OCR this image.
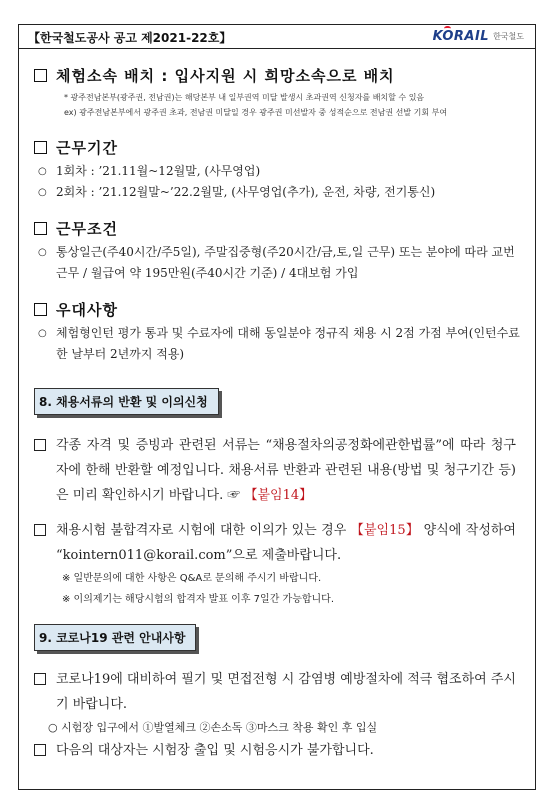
【한국철도공사 공고 제2021-22호】	KORAIL 한국철도
체험소속 배치 : 입사지원 시 희망소속으로 배치
* 광주전남본부(광주권, 전남권)는 해당본부 내 일부권역 미달 발생시 초과권역 신청자를 배치할 수 있음
ex) 광주전남본부에서 광주권 초과, 전남권 미달일 경우 광주권 미선발자 중 성적순으로 전남권 선발 기회 부여
근무기간
○ 1회차 : ’21.11월~12월말, (사무영업)
○ 2회차 : ’21.12월말~’22.2월말, (사무영업(추가), 운전, 차량, 전기통신)
근무조건
○ 통상일근(주40시간/주5일), 주말집중형(주20시간/금,토,일 근무) 또는 분야에 따라 교번근무 / 월급여 약 195만원(주40시간 기준) / 4대보험 가입
우대사항
○ 체험형인턴 평가 통과 및 수료자에 대해 동일분야 정규직 채용 시 2점 가점 부여(인턴수료한 날부터 2년까지 적용)
8. 채용서류의 반환 및 이의신청
각종 자격 및 증빙과 관련된 서류는 “채용절차의공정화에관한법률”에 따라 청구자에 한해 반환할 예정입니다. 채용서류 반환과 관련된 내용(방법 및 청구기간 등)은 미리 확인하시기 바랍니다. ☞ 【붙임14】
채용시험 불합격자로 시험에 대한 이의가 있는 경우 【붙임15】 양식에 작성하여 “kointern011@korail.com”으로 제출바랍니다.
※ 일반문의에 대한 사항은 Q&A로 문의해 주시기 바랍니다.
※ 이의제기는 해당시험의 합격자 발표 이후 7일간 가능합니다.
9. 코로나19 관련 안내사항
코로나19에 대비하여 필기 및 면접전형 시 감염병 예방절차에 적극 협조하여 주시기 바랍니다.
○ 시험장 입구에서 ①발열체크 ②손소독 ③마스크 착용 확인 후 입실
다음의 대상자는 시험장 출입 및 시험응시가 불가합니다.
